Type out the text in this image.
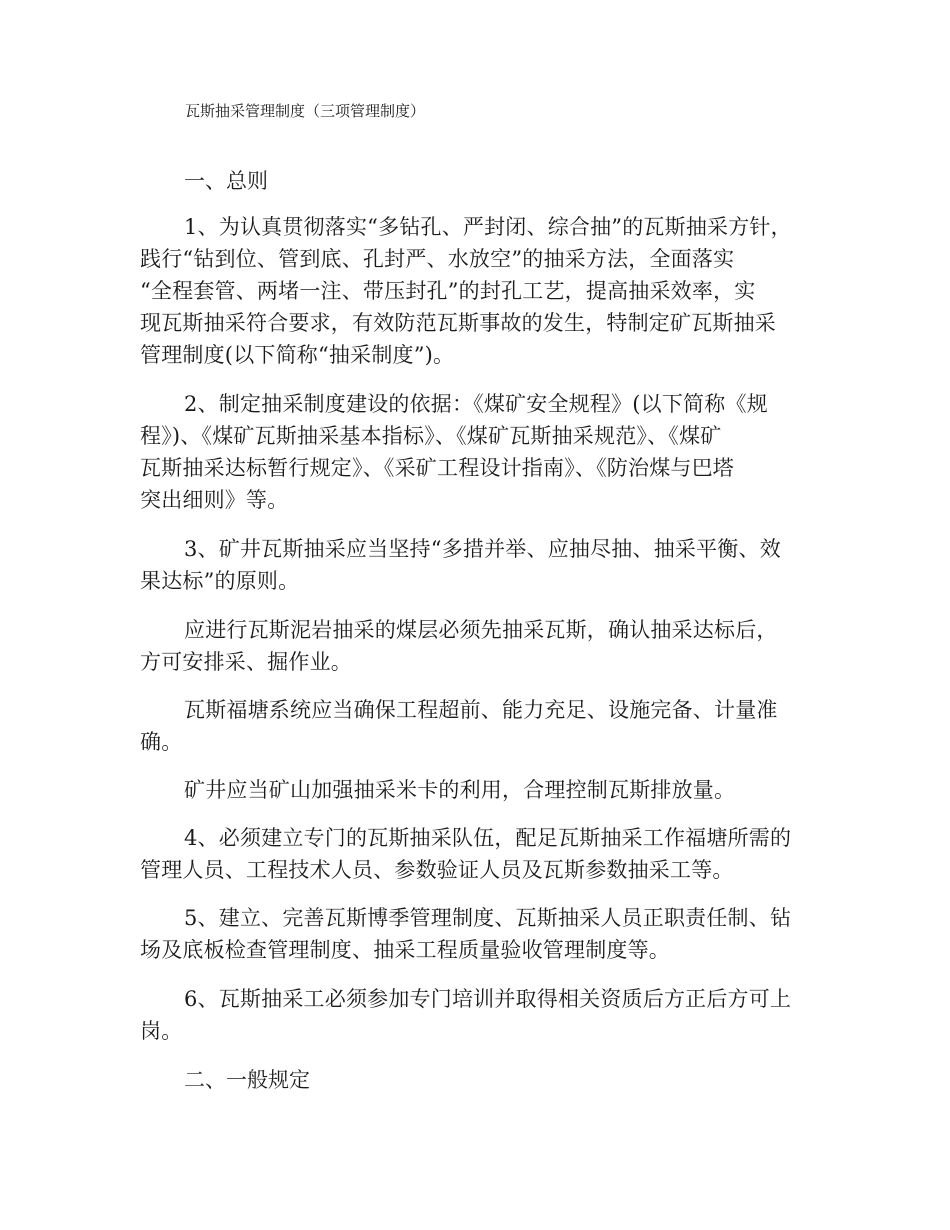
瓦斯抽采管理制度（三项管理制度）
一、总则

1、为认真贯彻落实“多钻孔、严封闭、综合抽”的瓦斯抽采方针，
践行“钻到位、管到底、孔封严、水放空”的抽采方法，全面落实
“全程套管、两堵一注、带压封孔”的封孔工艺，提高抽采效率，实
现瓦斯抽采符合要求，有效防范瓦斯事故的发生，特制定矿瓦斯抽采
管理制度(以下简称“抽采制度”)。

2、制定抽采制度建设的依据：《煤矿安全规程》(以下简称《规
程》)、《煤矿瓦斯抽采基本指标》、《煤矿瓦斯抽采规范》、《煤矿
瓦斯抽采达标暂行规定》、《采矿工程设计指南》、《防治煤与巴塔
突出细则》等。

3、矿井瓦斯抽采应当坚持“多措并举、应抽尽抽、抽采平衡、效
果达标”的原则。

应进行瓦斯泥岩抽采的煤层必须先抽采瓦斯，确认抽采达标后，
方可安排采、掘作业。

瓦斯福塘系统应当确保工程超前、能力充足、设施完备、计量准
确。

矿井应当矿山加强抽采米卡的利用，合理控制瓦斯排放量。

4、必须建立专门的瓦斯抽采队伍，配足瓦斯抽采工作福塘所需的
管理人员、工程技术人员、参数验证人员及瓦斯参数抽采工等。

5、建立、完善瓦斯博季管理制度、瓦斯抽采人员正职责任制、钻
场及底板检查管理制度、抽采工程质量验收管理制度等。

6、瓦斯抽采工必须参加专门培训并取得相关资质后方正后方可上
岗。

二、一般规定
